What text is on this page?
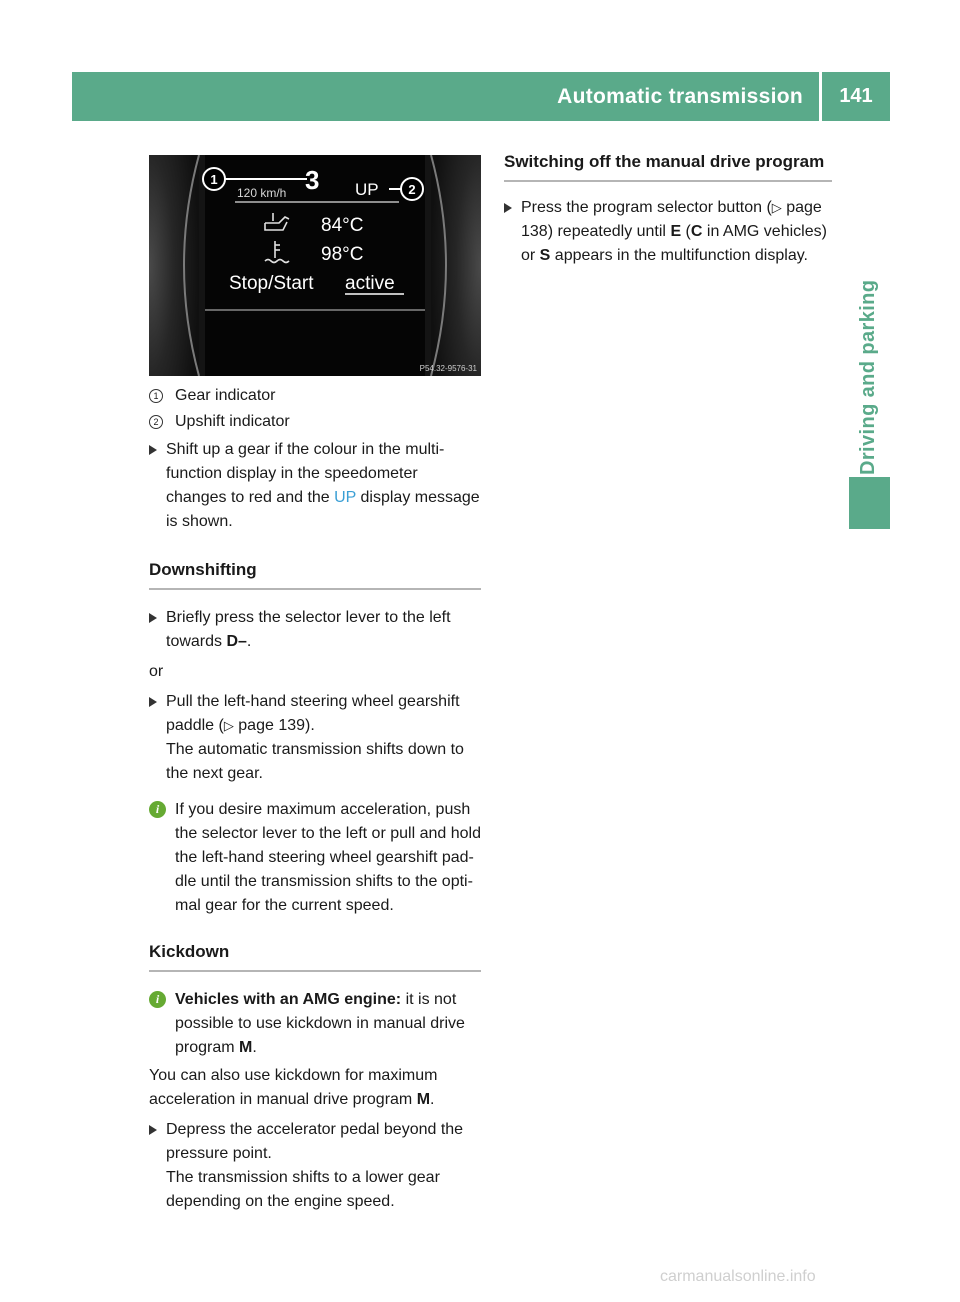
Automatic transmission	141
Driving and parking
1
2
120 km/h 3 UP
84°C
98°C
Stop/Start active
P54.32-9576-31
1 Gear indicator
2 Upshift indicator
Shift up a gear if the colour in the multi-function display in the speedometer changes to red and the UP display message is shown.
Downshifting
Briefly press the selector lever to the left towards D–.
or
Pull the left-hand steering wheel gearshift paddle (▷ page 139).
The automatic transmission shifts down to the next gear.
i If you desire maximum acceleration, push the selector lever to the left or pull and hold the left-hand steering wheel gearshift pad-dle until the transmission shifts to the opti-mal gear for the current speed.
Kickdown
i Vehicles with an AMG engine: it is not possible to use kickdown in manual drive program M.
You can also use kickdown for maximum acceleration in manual drive program M.
Depress the accelerator pedal beyond the pressure point.
The transmission shifts to a lower gear depending on the engine speed.
Switching off the manual drive program
Press the program selector button (▷ page 138) repeatedly until E (C in AMG vehicles) or S appears in the multifunction display.
carmanualsonline.info
